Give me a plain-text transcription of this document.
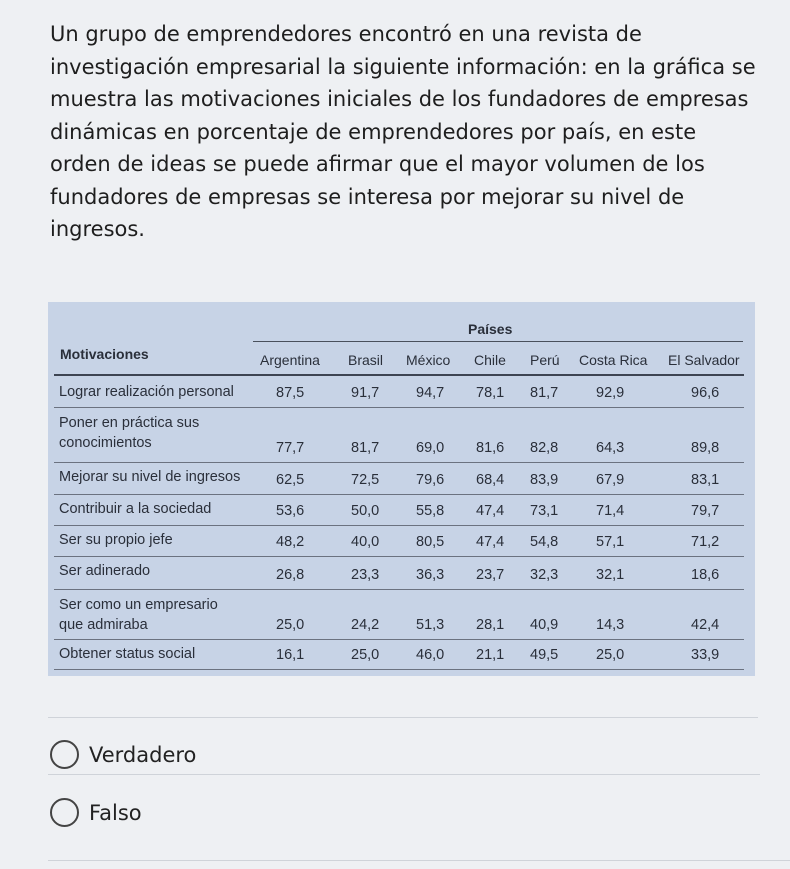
Un grupo de emprendedores encontró en una revista de investigación empresarial la siguiente información: en la gráfica se muestra las motivaciones iniciales de los fundadores de empresas dinámicas en porcentaje de emprendedores por país, en este orden de ideas se puede afirmar que el mayor volumen de los fundadores de empresas se interesa por mejorar su nivel de ingresos.

Países
Motivaciones	Argentina Brasil México Chile Perú Costa Rica El Salvador
Lograr realización personal	87,5	91,7	94,7 78,1 81,7	92,9	96,6
Poner en práctica sus
conocimientos	77,7	81,7	69,0 81,6 82,8	64,3	89,8
Mejorar su nivel de ingresos 62,5	72,5	79,6 68,4 83,9	67,9	83,1
Contribuir a la sociedad	53,6	50,0	55,8 47,4 73,1	71,4	79,7
Ser su propio jefe	48,2	40,0	80,5 47,4 54,8	57,1	71,2
Ser adinerado	26,8	23,3	36,3 23,7 32,3	32,1	18,6
Ser como un empresario
que admiraba	25,0	24,2	51,3 28,1 40,9	14,3	42,4
Obtener status social	16,1	25,0	46,0 21,1 49,5	25,0	33,9
Verdadero
Falso
